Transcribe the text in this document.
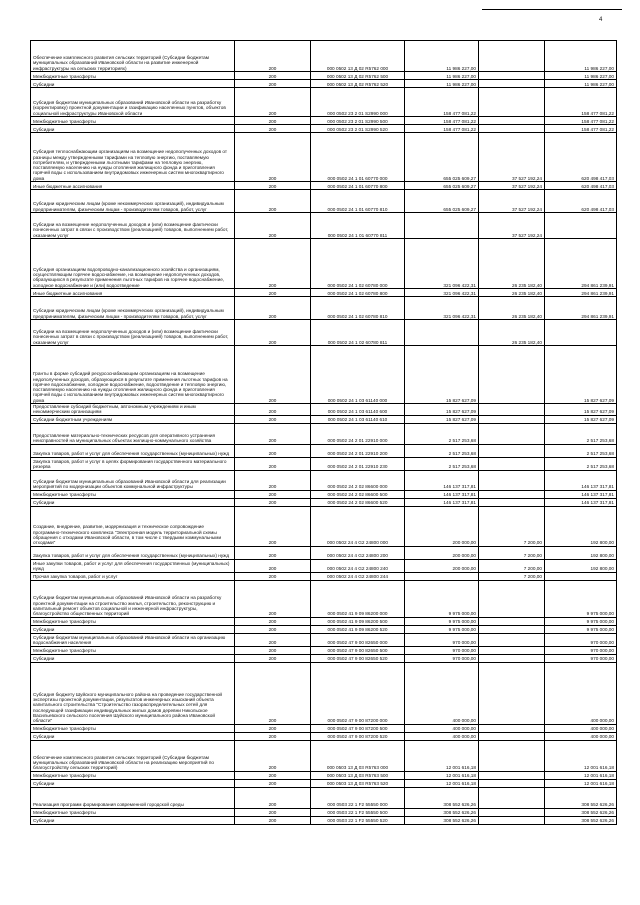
4
Обеспечение комплексного развития сельских территорий (Субсидии бюджетам муниципальных образований Ивановской области на развитие инженерной инфраструктуры на сельских территориях)	200	000 0502 13 Д 02 R5762 000	11 986 227,00		11 986 227,00
Межбюджетные трансферты	200	000 0502 13 Д 02 R5762 500	11 986 227,00		11 986 227,00
Субсидии	200	000 0502 13 Д 02 R5762 520	11 986 227,00		11 986 227,00
Субсидия бюджетам муниципальных образований Ивановской области на разработку (корректировку) проектной документации и газификацию населенных пунктов, объектов социальной инфраструктуры Ивановской области	200	000 0502 23 2 01 S2990 000	158 477 081,22		158 477 081,22
Межбюджетные трансферты	200	000 0502 23 2 01 S2990 500	158 477 081,22		158 477 081,22
Субсидии	200	000 0502 23 2 01 S2990 520	158 477 081,22		158 477 081,22
Субсидия теплоснабжающим организациям на возмещение недополученных доходов от разницы между утвержденными тарифами на тепловую энергию, поставляемую потребителям, и утвержденными льготными тарифами на тепловую энергию, поставляемую населению на нужды отопления жилищного фонда и приготовления горячей воды с использованием внутридомовых инженерных систем многоквартирного дома	200	000 0502 24 1 01 60770 000	655 025 609,27	37 527 192,24	620 498 417,03
Иные бюджетные ассигнования	200	000 0502 24 1 01 60770 800	655 025 609,27	37 527 192,24	620 498 417,03
Субсидии юридическим лицам (кроме некоммерческих организаций), индивидуальным предпринимателям, физическим лицам - производителям товаров, работ, услуг	200	000 0502 24 1 01 60770 810	655 025 609,27	37 527 192,24	620 498 417,03
Субсидии на возмещение недополученных доходов и (или) возмещение фактически понесенных затрат в связи с производством (реализацией) товаров, выполнением работ, оказанием услуг	200	000 0502 24 1 01 60770 811		37 527 192,24	
Субсидия организациям водопроводно-канализационного хозяйства и организациям, осуществляющим горячее водоснабжение, на возмещение недополученных доходов, образующихся в результате применения льготных тарифов на горячее водоснабжение, холодное водоснабжение и (или) водоотведение	200	000 0502 24 1 02 60780 000	321 096 422,31	26 235 182,40	294 861 239,91
Иные бюджетные ассигнования	200	000 0502 24 1 02 60780 800	321 096 422,31	26 235 182,40	294 861 239,91
Субсидии юридическим лицам (кроме некоммерческих организаций), индивидуальным предпринимателям, физическим лицам - производителям товаров, работ, услуг	200	000 0502 24 1 02 60780 810	321 096 422,31	26 235 182,40	294 861 239,91
Субсидии на возмещение недополученных доходов и (или) возмещение фактически понесенных затрат в связи с производством (реализацией) товаров, выполнением работ, оказанием услуг	200	000 0502 24 1 02 60780 811		26 235 182,40	
Гранты в форме субсидий ресурсоснабжающим организациям на возмещение недополученных доходов, образующихся в результате применения льготных тарифов на горячее водоснабжение, холодное водоснабжение, водоотведение и тепловую энергию, поставляемую населению на нужды отопления жилищного фонда и приготовления горячей воды с использованием внутридомовых инженерных систем многоквартирного дома	200	000 0502 24 1 03 61140 000	15 827 627,09		15 827 627,09
Предоставление субсидий бюджетным, автономным учреждениям и иным некоммерческим организациям	200	000 0502 24 1 03 61140 600	15 827 627,09		15 827 627,09
Субсидии бюджетным учреждениям	200	000 0502 24 1 03 61140 610	15 827 627,09		15 827 627,09
Предоставление материально-технических ресурсов для оперативного устранения неисправностей на муниципальных объектах жилищно-коммунального хозяйства	200	000 0502 24 2 01 22910 000	2 517 253,68		2 517 253,68
Закупка товаров, работ и услуг для обеспечения государственных (муниципальных) нужд	200	000 0502 24 2 01 22910 200	2 517 253,68		2 517 253,68
Закупка товаров, работ и услуг в целях формирования государственного материального резерва	200	000 0502 24 2 01 22910 230	2 517 253,68		2 517 253,68
Субсидии бюджетам муниципальных образований Ивановской области для реализации мероприятий по модернизации объектов коммунальной инфраструктуры	200	000 0502 24 2 02 86600 000	146 137 317,81		146 137 317,81
Межбюджетные трансферты	200	000 0502 24 2 02 86600 500	146 137 317,81		146 137 317,81
Субсидии	200	000 0502 24 2 02 86600 520	146 137 317,81		146 137 317,81
Создание, внедрение, развитие, модернизация и техническое сопровождение программно-технического комплекса "Электронная модель территориальной схемы обращения с отходами Ивановской области, в том числе с твердыми коммунальными отходами"	200	000 0502 24 4 G2 24800 000	200 000,00	7 200,00	192 800,00
Закупка товаров, работ и услуг для обеспечения государственных (муниципальных) нужд	200	000 0502 24 4 G2 24800 200	200 000,00	7 200,00	192 800,00
Иные закупки товаров, работ и услуг для обеспечения государственных (муниципальных) нужд	200	000 0502 24 4 G2 24800 240	200 000,00	7 200,00	192 800,00
Прочая закупка товаров, работ и услуг	200	000 0502 24 4 G2 24800 244		7 200,00	
Субсидии бюджетам муниципальных образований Ивановской области на разработку проектной документации на строительство жилья, строительство, реконструкцию и капитальный ремонт объектов социальной и инженерной инфраструктуры, благоустройство общественных территорий	200	000 0502 41 9 09 86200 000	9 975 000,00		9 975 000,00
Межбюджетные трансферты	200	000 0502 41 9 09 86200 500	9 975 000,00		9 975 000,00
Субсидии	200	000 0502 41 9 09 86200 520	9 975 000,00		9 975 000,00
Субсидии бюджетам муниципальных образований Ивановской области на организацию водоснабжения населения	200	000 0502 47 9 00 82650 000	970 000,00		970 000,00
Межбюджетные трансферты	200	000 0502 47 9 00 82650 500	970 000,00		970 000,00
Субсидии	200	000 0502 47 9 00 82650 520	970 000,00		970 000,00
Субсидия бюджету Шуйского муниципального района на проведение государственной экспертизы проектной документации, результатов инженерных изысканий объекта капитального строительства "Строительство газораспределительных сетей для последующей газификации индивидуальных жилых домов деревни Никольское Васильевского сельского поселения Шуйского муниципального района Ивановской области"	200	000 0502 47 9 00 87200 000	400 000,00		400 000,00
Межбюджетные трансферты	200	000 0502 47 9 00 87200 500	400 000,00		400 000,00
Субсидии	200	000 0502 47 9 00 87200 520	400 000,00		400 000,00
Обеспечение комплексного развития сельских территорий (Субсидии бюджетам муниципальных образований Ивановской области на реализацию мероприятий по благоустройству сельских территорий)	200	000 0503 13 Д 03 R5763 000	12 001 616,18		12 001 616,18
Межбюджетные трансферты	200	000 0503 13 Д 03 R5763 500	12 001 616,18		12 001 616,18
Субсидии	200	000 0503 13 Д 03 R5763 520	12 001 616,18		12 001 616,18
Реализация программ формирования современной городской среды	200	000 0503 22 1 F2 55550 000	308 552 626,26		308 552 626,26
Межбюджетные трансферты	200	000 0503 22 1 F2 55550 500	308 552 626,26		308 552 626,26
Субсидии	200	000 0503 22 1 F2 55550 520	308 552 626,26		308 552 626,26
